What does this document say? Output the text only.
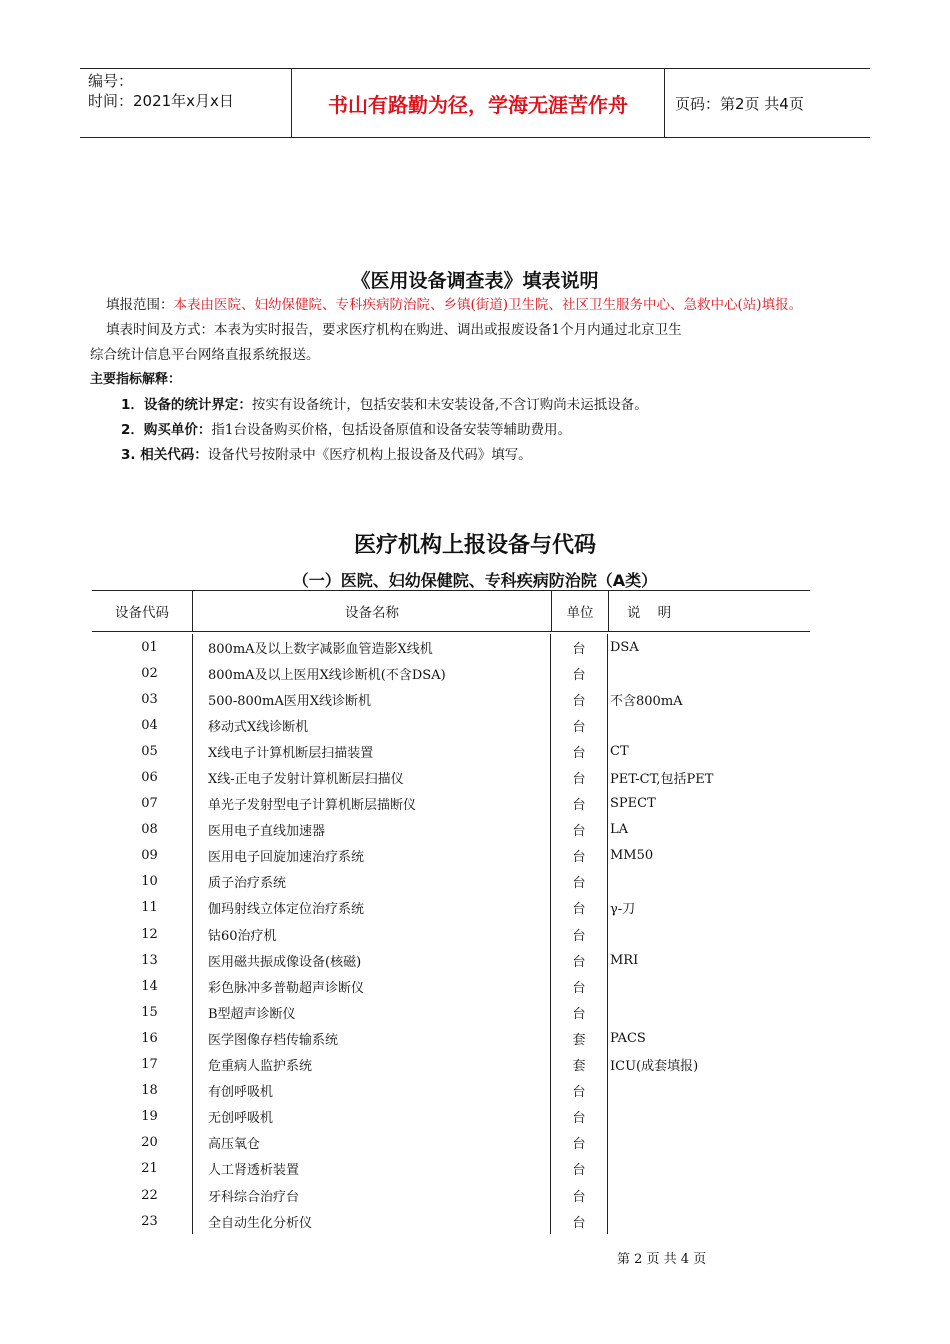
编号：
时间：2021年x月x日	书山有路勤为径，学海无涯苦作舟	页码：第2页 共4页
《医用设备调查表》填表说明
填报范围：本表由医院、妇幼保健院、专科疾病防治院、乡镇(街道)卫生院、社区卫生服务中心、急救中心(站)填报。
填表时间及方式：本表为实时报告，要求医疗机构在购进、调出或报废设备1个月内通过北京卫生
综合统计信息平台网络直报系统报送。
主要指标解释：
1．设备的统计界定：按实有设备统计，包括安装和未安装设备,不含订购尚未运抵设备。
2．购买单价：指1台设备购买价格，包括设备原值和设备安装等辅助费用。
3. 相关代码：设备代号按附录中《医疗机构上报设备及代码》填写。
医疗机构上报设备与代码
（一）医院、妇幼保健院、专科疾病防治院（A类）
设备代码	设备名称	单位	说    明
01	800mA及以上数字减影血管造影X线机	台	DSA
02	800mA及以上医用X线诊断机(不含DSA)	台
03	500-800mA医用X线诊断机	台	不含800mA
04	移动式X线诊断机	台
05	X线电子计算机断层扫描装置	台	CT
06	X线-正电子发射计算机断层扫描仪	台	PET-CT,包括PET
07	单光子发射型电子计算机断层描断仪	台	SPECT
08	医用电子直线加速器	台	LA
09	医用电子回旋加速治疗系统	台	MM50
10	质子治疗系统	台
11	伽玛射线立体定位治疗系统	台	γ-刀
12	钴60治疗机	台
13	医用磁共振成像设备(核磁)	台	MRI
14	彩色脉冲多普勒超声诊断仪	台
15	B型超声诊断仪	台
16	医学图像存档传输系统	套	PACS
17	危重病人监护系统	套	ICU(成套填报)
18	有创呼吸机	台
19	无创呼吸机	台
20	高压氧仓	台
21	人工肾透析装置	台
22	牙科综合治疗台	台
23	全自动生化分析仪	台
第 2 页 共 4 页
